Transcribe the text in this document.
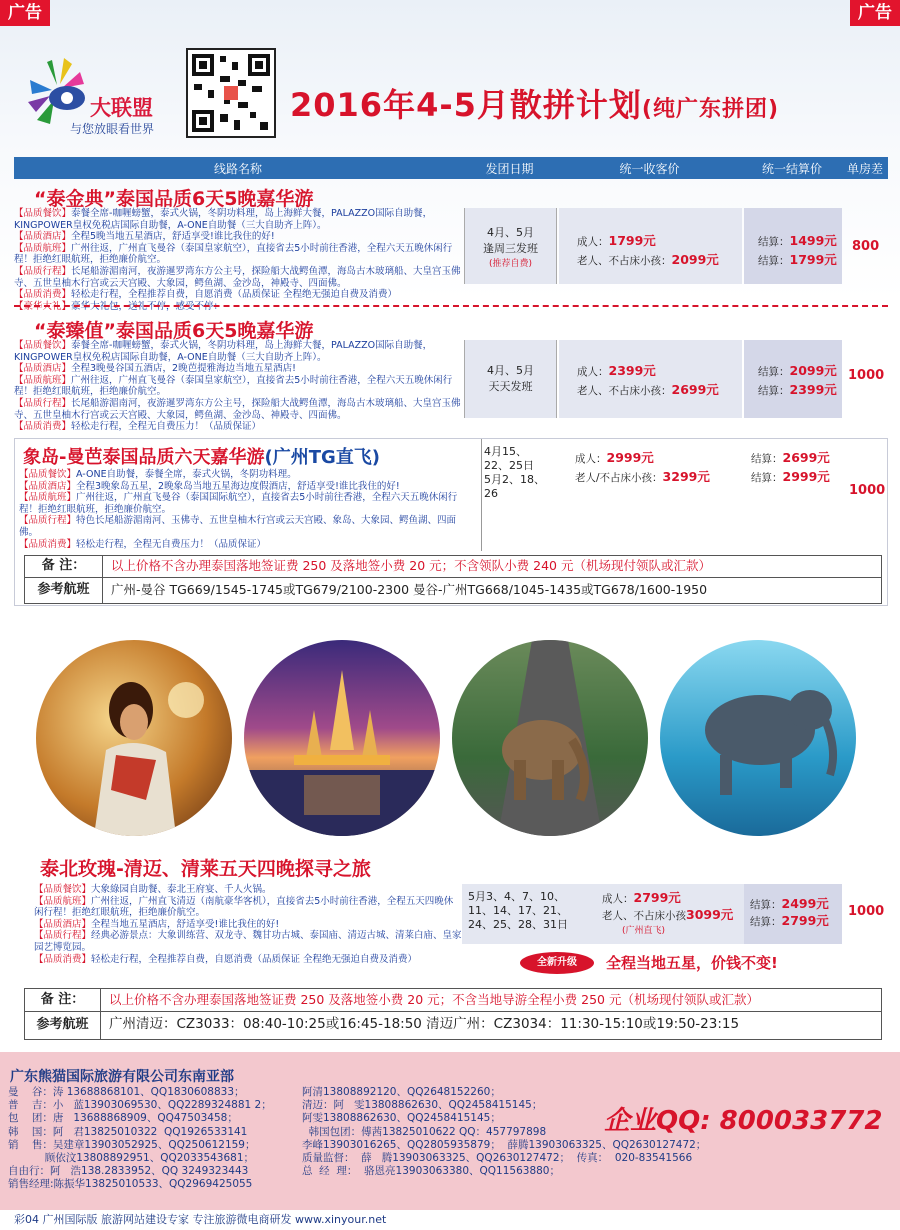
广告	广告
大联盟
与您放眼看世界
2016年4-5月散拼计划(纯广东拼团)
线路名称	发团日期	统一收客价	统一结算价	单房差
“泰金典”泰国品质6天5晚嘉华游
【品质餐饮】泰餐全席-咖喱螃蟹，泰式火锅，冬阴功料理，岛上海鲜大餐，PALAZZO国际自助餐，KINGPOWER皇权免税店国际自助餐，A-ONE自助餐（三大自助齐上阵）。
【品质酒店】全程5晚当地五星酒店，舒适享受!谁比我住的好!
【品质航班】广州往返，广州直飞曼谷（泰国皇家航空），直接省去5小时前往香港，全程六天五晚休闲行程！拒绝红眼航班，拒绝廉价航空。
【品质行程】长尾船游湄南河，夜游暹罗湾东方公主号，探险船大战鳄鱼潭，海岛古木玻璃船、大皇宫玉佛寺、五世皇柚木行宫或云天宫殿、大象园，鳄鱼湖、金沙岛，神殿寺、四面佛。
【品质消费】轻松走行程，全程推荐自费，自愿消费（品质保证 全程绝无强迫自费及消费）
【豪华大礼】豪华大礼包，送礼不停，感受不停：
4月、5月
逢周三发班
(推荐自费)
成人：1799元
老人、不占床小孩：2099元
结算：1499元
结算：1799元
800
“泰臻值”泰国品质6天5晚嘉华游
【品质餐饮】泰餐全席-咖喱螃蟹，泰式火锅，冬阴功料理，岛上海鲜大餐，PALAZZO国际自助餐，KINGPOWER皇权免税店国际自助餐，A-ONE自助餐（三大自助齐上阵）。
【品质酒店】全程3晚曼谷国五酒店，2晚芭提雅海边当地五星酒店!
【品质航班】广州往返，广州直飞曼谷（泰国皇家航空），直接省去5小时前往香港，全程六天五晚休闲行程！拒绝红眼航班，拒绝廉价航空。
【品质行程】长尾船游湄南河，夜游暹罗湾东方公主号，探险船大战鳄鱼潭，海岛古木玻璃船、大皇宫玉佛寺、五世皇柚木行宫或云天宫殿、大象园，鳄鱼湖、金沙岛、神殿寺、四面佛。
【品质消费】轻松走行程，全程无自费压力！（品质保证）
4月、5月
天天发班
成人：2399元
老人、不占床小孩：2699元
结算：2099元
结算：2399元
1000
象岛-曼芭泰国品质六天嘉华游(广州TG直飞)
【品质餐饮】A-ONE自助餐，泰餐全席，泰式火锅，冬阴功料理。
【品质酒店】全程3晚象岛五星，2晚象岛当地五星海边度假酒店，舒适享受!谁比我住的好!
【品质航班】广州往返，广州直飞曼谷（泰国国际航空），直接省去5小时前往香港，全程六天五晚休闲行程！拒绝红眼航班，拒绝廉价航空。
【品质行程】特色长尾船游湄南河、玉佛寺、五世皇柚木行宫或云天宫殿、象岛、大象园、鳄鱼湖、四面佛。
【品质消费】轻松走行程，全程无自费压力！（品质保证）
4月15、
22、25日
5月2、18、26
成人：2999元
老人/不占床小孩：3299元
结算：2699元
结算：2999元
1000
备 注：	以上价格不含办理泰国落地签证费 250 及落地签小费 20 元；不含领队小费 240 元（机场现付领队或汇款）
参考航班	广州-曼谷 TG669/1545-1745或TG679/2100-2300 曼谷-广州TG668/1045-1435或TG678/1600-1950
泰北玫瑰-清迈、清莱五天四晚探寻之旅
【品质餐饮】大象綠园自助餐、泰北王府宴、千人火锅。
【品质航班】广州往返，广州直飞清迈（南航豪华客机），直接省去5小时前往香港，全程五天四晚休闲行程！拒绝红眼航班，拒绝廉价航空。
【品质酒店】全程当地五星酒店，舒适享受!谁比我住的好!
【品质行程】经典必游景点：大象训练营、双龙寺、魏甘功古城、泰国庙、清迈古城、清莱白庙、皇家园艺博览园。
【品质消费】轻松走行程，全程推荐自费，自愿消费（品质保证 全程绝无强迫自费及消费）
5月3、4、7、10、
11、14、17、21、
24、25、28、31日
成人：2799元
老人、不占床小孩3099元
(广州直飞)
结算：2499元
结算：2799元
1000
全新升级	全程当地五星，价钱不变!
备 注：	以上价格不含办理泰国落地签证费 250 及落地签小费 20 元；不含当地导游全程小费 250 元（机场现付领队或汇款）
参考航班	广州清迈：CZ3033：08:40-10:25或16:45-18:50 清迈广州：CZ3034：11:30-15:10或19:50-23:15
广东熊猫国际旅游有限公司东南亚部
曼    谷：涛 13688868101、QQ1830608833；
普    吉：小   蓝13903069530、QQ2289324881 2；
包    团：唐   13688868909、QQ47503458；
韩    国：阿   君13825010322  QQ1926533141
销    售：吴建章13903052925、QQ250612159；
顾依汶13808892951、QQ2033543681；
自由行：阿   浩138.2833952、QQ 3249323443
销售经理:陈振华13825010533、QQ2969425055
阿清13808892120、QQ2648152260；
清迈：阿   雯13808862630、QQ2458415145；
阿雯13808862630、QQ2458415145；
韩国包团：傅茜13825010622 QQ：457797898
李峰13903016265、QQ2805935879；  薛腾13903063325、QQ2630127472；
质量监督：  薛   腾13903063325、QQ2630127472；  传真：  020-83541566
总  经  理：  骆恩亮13903063380、QQ11563880；
企业QQ: 800033772
彩04 广州国际版 旅游网站建设专家 专注旅游微电商研发 www.xinyour.net
